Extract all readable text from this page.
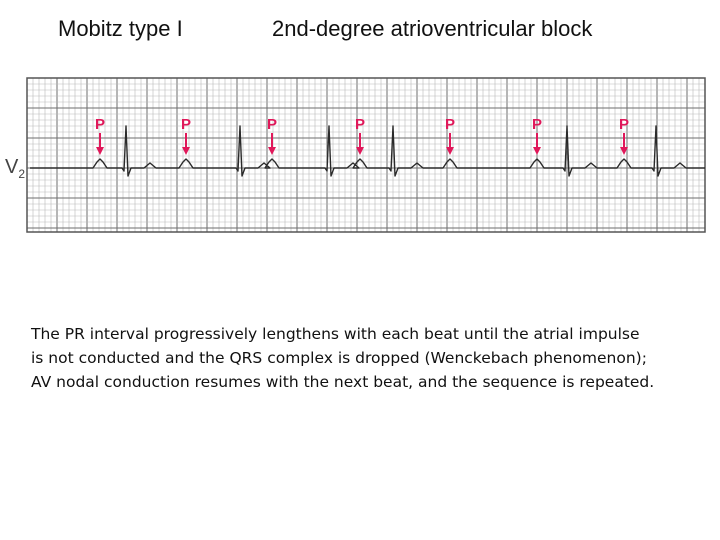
Mobitz type I	2nd-degree atrioventricular block
P	P	P	P	P	P	P
$V_2$
The PR interval progressively lengthens with each beat until the atrial impulse
is not conducted and the QRS complex is dropped (Wenckebach phenomenon);
AV nodal conduction resumes with the next beat, and the sequence is repeated.
